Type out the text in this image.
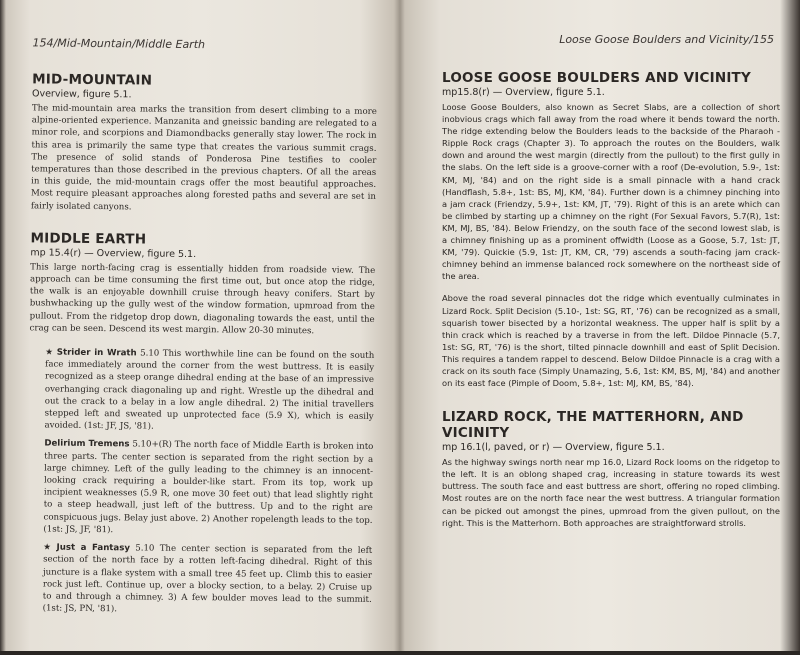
154/Mid-Mountain/Middle Earth
MID-MOUNTAIN
Overview, figure 5.1.

The mid-mountain area marks the transition from desert climbing to a more alpine-oriented experience. Manzanita and gneissic banding are relegated to a minor role, and scorpions and Diamondbacks generally stay lower. The rock in this area is primarily the same type that creates the various summit crags. The presence of solid stands of Ponderosa Pine testifies to cooler temperatures than those described in the previous chapters. Of all the areas in this guide, the mid-mountain crags offer the most beautiful approaches. Most require pleasant approaches along forested paths and several are set in fairly isolated canyons.

MIDDLE EARTH
mp 15.4(r) — Overview, figure 5.1.

This large north-facing crag is essentially hidden from roadside view. The approach can be time consuming the first time out, but once atop the ridge, the walk is an enjoyable downhill cruise through heavy conifers. Start by bushwhacking up the gully west of the window formation, upmroad from the pullout. From the ridgetop drop down, diagonaling towards the east, until the crag can be seen. Descend its west margin. Allow 20-30 minutes.

★ Strider in Wrath 5.10 This worthwhile line can be found on the south face immediately around the corner from the west buttress. It is easily recognized as a steep orange dihedral ending at the base of an impressive overhanging crack diagonaling up and right. Wrestle up the dihedral and out the crack to a belay in a low angle dihedral. 2) The initial travellers stepped left and sweated up unprotected face (5.9 X), which is easily avoided. (1st: JF, JS, '81).

Delirium Tremens 5.10+(R) The north face of Middle Earth is broken into three parts. The center section is separated from the right section by a large chimney. Left of the gully leading to the chimney is an innocent-looking crack requiring a boulder-like start. From its top, work up incipient weaknesses (5.9 R, one move 30 feet out) that lead slightly right to a steep headwall, just left of the buttress. Up and to the right are conspicuous jugs. Belay just above. 2) Another ropelength leads to the top. (1st: JS, JF, '81).

★ Just a Fantasy 5.10 The center section is separated from the left section of the north face by a rotten left-facing dihedral. Right of this juncture is a flake system with a small tree 45 feet up. Climb this to easier rock just left. Continue up, over a blocky section, to a belay. 2) Cruise up to and through a chimney. 3) A few boulder moves lead to the summit. (1st: JS, PN, '81).

Loose Goose Boulders and Vicinity/155
LOOSE GOOSE BOULDERS AND VICINITY
mp15.8(r) — Overview, figure 5.1.

Loose Goose Boulders, also known as Secret Slabs, are a collection of short inobvious crags which fall away from the road where it bends toward the north. The ridge extending below the Boulders leads to the backside of the Pharaoh - Ripple Rock crags (Chapter 3). To approach the routes on the Boulders, walk down and around the west margin (directly from the pullout) to the first gully in the slabs. On the left side is a groove-corner with a roof (De-evolution, 5.9-, 1st: KM, MJ, '84) and on the right side is a small pinnacle with a hand crack (Handflash, 5.8+, 1st: BS, MJ, KM, '84). Further down is a chimney pinching into a jam crack (Friendzy, 5.9+, 1st: KM, JT, '79). Right of this is an arete which can be climbed by starting up a chimney on the right (For Sexual Favors, 5.7(R), 1st: KM, MJ, BS, '84). Below Friendzy, on the south face of the second lowest slab, is a chimney finishing up as a prominent offwidth (Loose as a Goose, 5.7, 1st: JT, KM, '79). Quickie (5.9, 1st: JT, KM, CR, '79) ascends a south-facing jam crack-chimney behind an immense balanced rock somewhere on the northeast side of the area.

Above the road several pinnacles dot the ridge which eventually culminates in Lizard Rock. Split Decision (5.10-, 1st: SG, RT, '76) can be recognized as a small, squarish tower bisected by a horizontal weakness. The upper half is split by a thin crack which is reached by a traverse in from the left. Dildoe Pinnacle (5.7, 1st: SG, RT, '76) is the short, tilted pinnacle downhill and east of Split Decision. This requires a tandem rappel to descend. Below Dildoe Pinnacle is a crag with a crack on its south face (Simply Unamazing, 5.6, 1st: KM, BS, MJ, '84) and another on its east face (Pimple of Doom, 5.8+, 1st: MJ, KM, BS, '84).

LIZARD ROCK, THE MATTERHORN, AND VICINITY
mp 16.1(l, paved, or r) — Overview, figure 5.1.

As the highway swings north near mp 16.0, Lizard Rock looms on the ridgetop to the left. It is an oblong shaped crag, increasing in stature towards its west buttress. The south face and east buttress are short, offering no roped climbing. Most routes are on the north face near the west buttress. A triangular formation can be picked out amongst the pines, upmroad from the given pullout, on the right. This is the Matterhorn. Both approaches are straightforward strolls.
